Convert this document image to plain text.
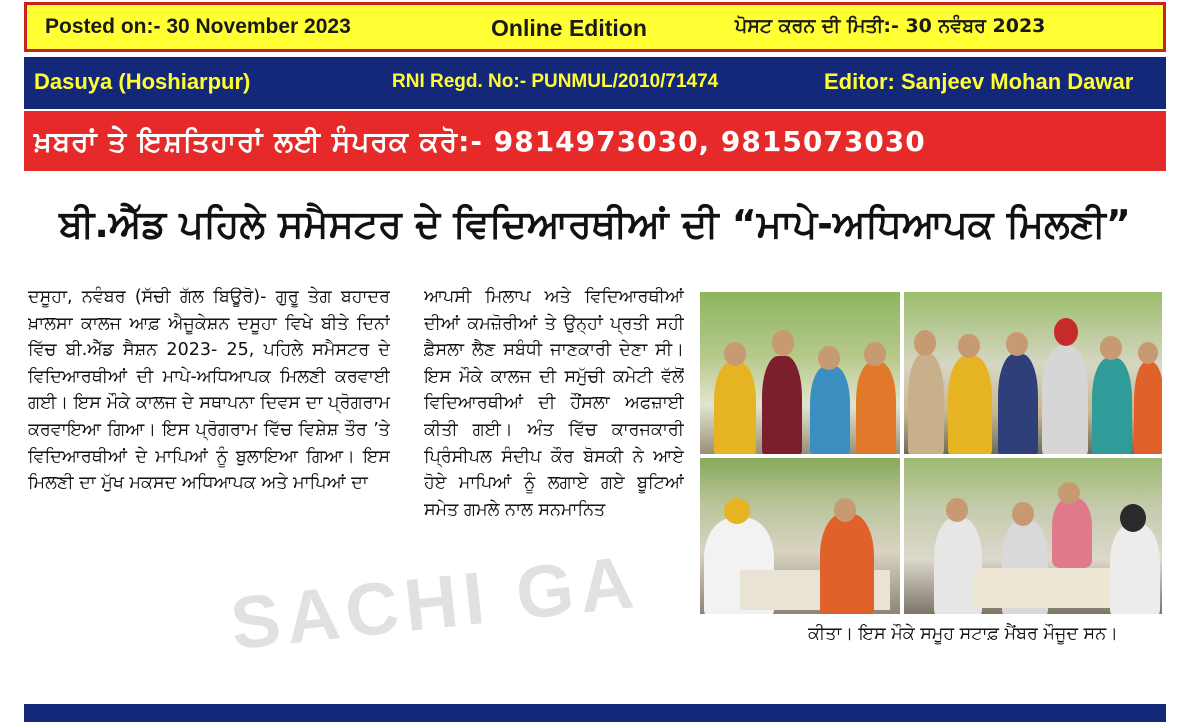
Posted on:- 30 November 2023	Online Edition	ਪੋਸਟ ਕਰਨ ਦੀ ਮਿਤੀ:- 30 ਨਵੰਬਰ 2023
Dasuya (Hoshiarpur)	RNI Regd. No:- PUNMUL/2010/71474	Editor: Sanjeev Mohan Dawar
ਖ਼ਬਰਾਂ ਤੇ ਇਸ਼ਤਿਹਾਰਾਂ ਲਈ ਸੰਪਰਕ ਕਰੋ:- 9814973030, 9815073030
ਬੀ.ਐੱਡ ਪਹਿਲੇ ਸਮੈਸਟਰ ਦੇ ਵਿਦਿਆਰਥੀਆਂ ਦੀ “ਮਾਪੇ-ਅਧਿਆਪਕ ਮਿਲਣੀ”
ਦਸੂਹਾ, ਨਵੰਬਰ (ਸੱਚੀ ਗੱਲ ਬਿਊਰੋ)- ਗੁਰੂ ਤੇਗ ਬਹਾਦਰ ਖ਼ਾਲਸਾ ਕਾਲਜ ਆਫ਼ ਐਜੂਕੇਸ਼ਨ ਦਸੂਹਾ ਵਿਖੇ ਬੀਤੇ ਦਿਨਾਂ ਵਿੱਚ ਬੀ.ਐੱਡ ਸੈਸ਼ਨ 2023- 25, ਪਹਿਲੇ ਸਮੈਸਟਰ ਦੇ ਵਿਦਿਆਰਥੀਆਂ ਦੀ ਮਾਪੇ-ਅਧਿਆਪਕ ਮਿਲਣੀ ਕਰਵਾਈ ਗਈ। ਇਸ ਮੌਕੇ ਕਾਲਜ ਦੇ ਸਥਾਪਨਾ ਦਿਵਸ ਦਾ ਪ੍ਰੋਗਰਾਮ ਕਰਵਾਇਆ ਗਿਆ। ਇਸ ਪ੍ਰੋਗਰਾਮ ਵਿੱਚ ਵਿਸ਼ੇਸ਼ ਤੌਰ ’ਤੇ ਵਿਦਿਆਰਥੀਆਂ ਦੇ ਮਾਪਿਆਂ ਨੂੰ ਬੁਲਾਇਆ ਗਿਆ। ਇਸ ਮਿਲਣੀ ਦਾ ਮੁੱਖ ਮਕਸਦ ਅਧਿਆਪਕ ਅਤੇ ਮਾਪਿਆਂ ਦਾ
ਆਪਸੀ ਮਿਲਾਪ ਅਤੇ ਵਿਦਿਆਰਥੀਆਂ ਦੀਆਂ ਕਮਜ਼ੋਰੀਆਂ ਤੇ ਉਨ੍ਹਾਂ ਪ੍ਰਤੀ ਸਹੀ ਫ਼ੈਸਲਾ ਲੈਣ ਸਬੰਧੀ ਜਾਣਕਾਰੀ ਦੇਣਾ ਸੀ। ਇਸ ਮੌਕੇ ਕਾਲਜ ਦੀ ਸਮੁੱਚੀ ਕਮੇਟੀ ਵੱਲੋਂ ਵਿਦਿਆਰਥੀਆਂ ਦੀ ਹੌਂਸਲਾ ਅਫਜ਼ਾਈ ਕੀਤੀ ਗਈ। ਅੰਤ ਵਿੱਚ ਕਾਰਜਕਾਰੀ ਪ੍ਰਿੰਸੀਪਲ ਸੰਦੀਪ ਕੌਰ ਬੋਸਕੀ ਨੇ ਆਏ ਹੋਏ ਮਾਪਿਆਂ ਨੂੰ ਲਗਾਏ ਗਏ ਬੂਟਿਆਂ ਸਮੇਤ ਗਮਲੇ ਨਾਲ ਸਨਮਾਨਿਤ
ਕੀਤਾ। ਇਸ ਮੌਕੇ ਸਮੂਹ ਸਟਾਫ਼ ਮੈਂਬਰ ਮੌਜੂਦ ਸਨ।
SACHI GA
